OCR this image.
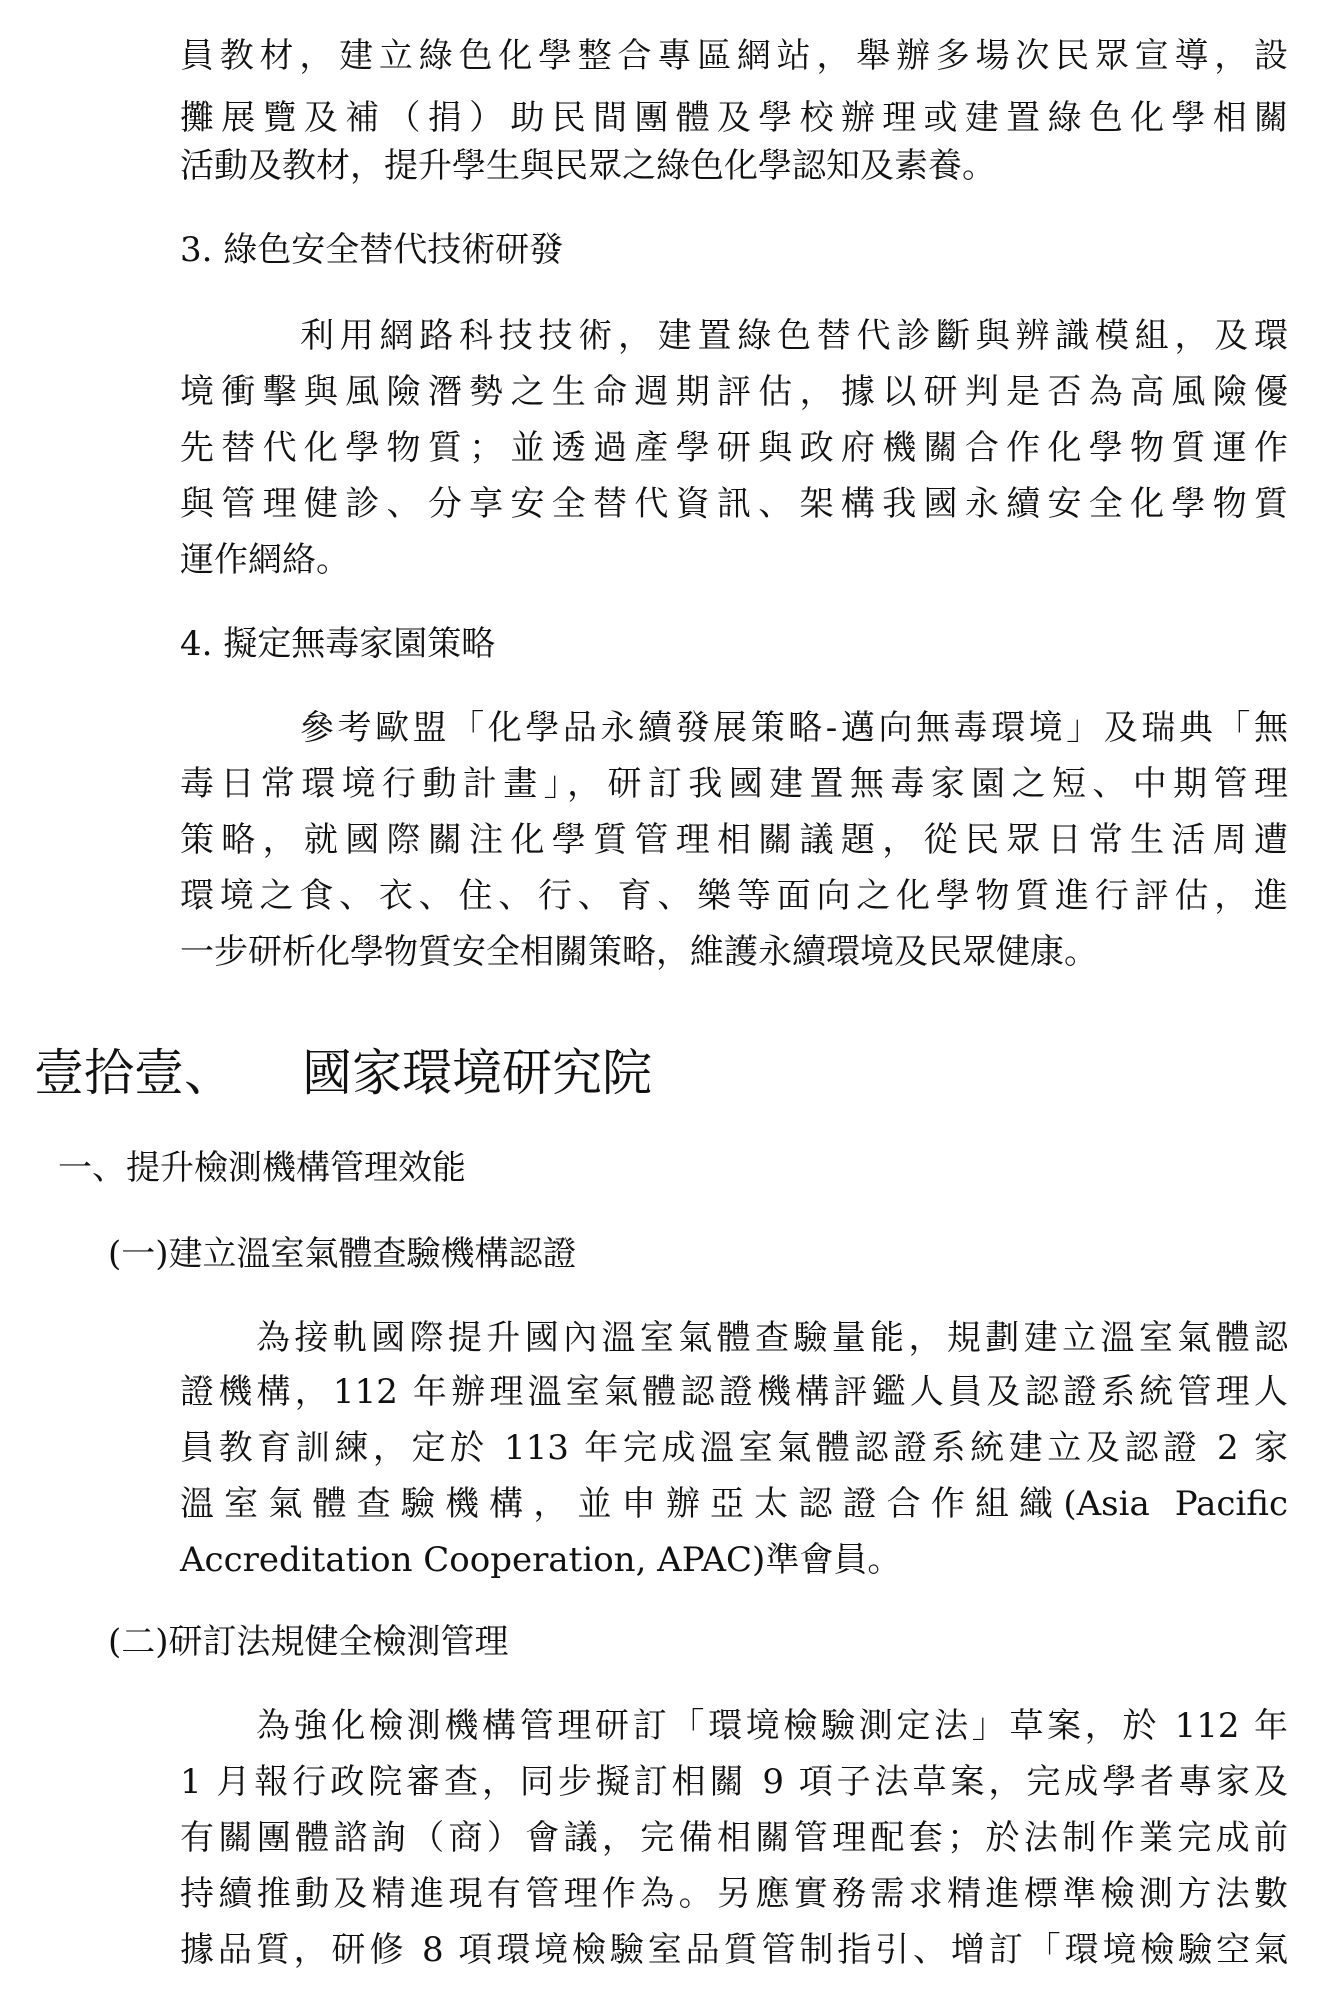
員教材，建立綠色化學整合專區網站，舉辦多場次民眾宣導，設
攤展覽及補（捐）助民間團體及學校辦理或建置綠色化學相關
活動及教材，提升學生與民眾之綠色化學認知及素養。
3. 綠色安全替代技術研發
利用網路科技技術，建置綠色替代診斷與辨識模組，及環
境衝擊與風險潛勢之生命週期評估，據以研判是否為高風險優
先替代化學物質；並透過產學研與政府機關合作化學物質運作
與管理健診、分享安全替代資訊、架構我國永續安全化學物質
運作網絡。
4. 擬定無毒家園策略
參考歐盟「化學品永續發展策略-邁向無毒環境」及瑞典「無
毒日常環境行動計畫」，研訂我國建置無毒家園之短、中期管理
策略，就國際關注化學質管理相關議題，從民眾日常生活周遭
環境之食、衣、住、行、育、樂等面向之化學物質進行評估，進
一步研析化學物質安全相關策略，維護永續環境及民眾健康。
壹拾壹、 國家環境研究院
一、提升檢測機構管理效能
(一)建立溫室氣體查驗機構認證
為接軌國際提升國內溫室氣體查驗量能，規劃建立溫室氣體認
證機構，112 年辦理溫室氣體認證機構評鑑人員及認證系統管理人
員教育訓練，定於 113 年完成溫室氣體認證系統建立及認證 2 家
溫室氣體查驗機構，並申辦亞太認證合作組織(Asia Pacific
Accreditation Cooperation, APAC)準會員。
(二)研訂法規健全檢測管理
為強化檢測機構管理研訂「環境檢驗測定法」草案，於 112 年
1 月報行政院審查，同步擬訂相關 9 項子法草案，完成學者專家及
有關團體諮詢（商）會議，完備相關管理配套；於法制作業完成前
持續推動及精進現有管理作為。另應實務需求精進標準檢測方法數
據品質，研修 8 項環境檢驗室品質管制指引、增訂「環境檢驗空氣
